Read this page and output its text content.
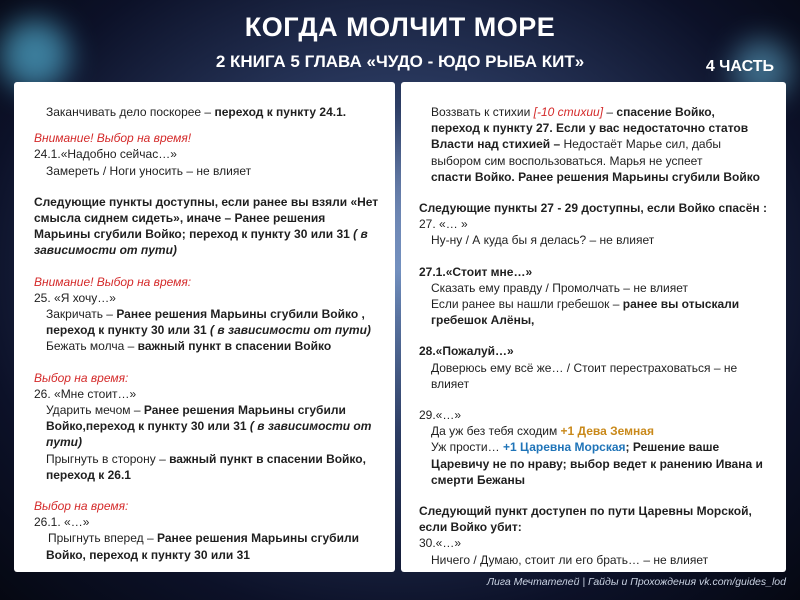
КОГДА МОЛЧИТ МОРЕ
2 КНИГА 5 ГЛАВА «ЧУДО - ЮДО РЫБА КИТ»	4 ЧАСТЬ
Заканчивать дело поскорее – переход к пункту 24.1.
Внимание! Выбор на время!
24.1.«Надобно сейчас…»
Замереть / Ноги уносить – не влияет
Следующие пункты доступны, если ранее вы взяли «Нет
смысла сиднем сидеть», иначе – Ранее решения
Марьины сгубили Войко; переход к пункту 30 или 31 ( в
зависимости от пути)
Внимание! Выбор на время:
25. «Я хочу…»
Закричать – Ранее решения Марьины сгубили Войко ,
переход к пункту 30 или 31 ( в зависимости от пути)
Бежать молча – важный пункт в спасении Войко
Выбор на время:
26. «Мне стоит…»
Ударить мечом – Ранее решения Марьины сгубили
Войко,переход к пункту 30 или 31 ( в зависимости от
пути)
Прыгнуть в сторону – важный пункт в спасении Войко,
переход к 26.1
Выбор на время:
26.1. «…»
Прыгнуть вперед – Ранее решения Марьины сгубили
Войко, переход к пункту 30 или 31
Воззвать к стихии [-10 стихии] – спасение Войко,
переход к пункту 27. Если у вас недостаточно статов
Власти над стихией – Недостаёт Марье сил, дабы
выбором сим воспользоваться. Марья не успеет
спасти Войко. Ранее решения Марьины сгубили Войко
Следующие пункты 27 - 29 доступны, если Войко спасён :
27. «… »
Ну-ну / А куда бы я делась? – не влияет
27.1.«Стоит мне…»
Сказать ему правду / Промолчать – не влияет
Если ранее вы нашли гребешок – ранее вы отыскали
гребешок Алёны,
28.«Пожалуй…»
Доверюсь ему всё же… / Стоит перестраховаться – не
влияет
29.«…»
Да уж без тебя сходим +1 Дева Земная
Уж прости… +1 Царевна Морская; Решение ваше
Царевичу не по нраву; выбор ведет к ранению Ивана и
смерти Бежаны
Следующий пункт доступен по пути Царевны Морской,
если Войко убит:
30.«…»
Ничего / Думаю, стоит ли его брать… – не влияет
Лига Мечтателей | Гайды и Прохождения vk.com/guides_lod
